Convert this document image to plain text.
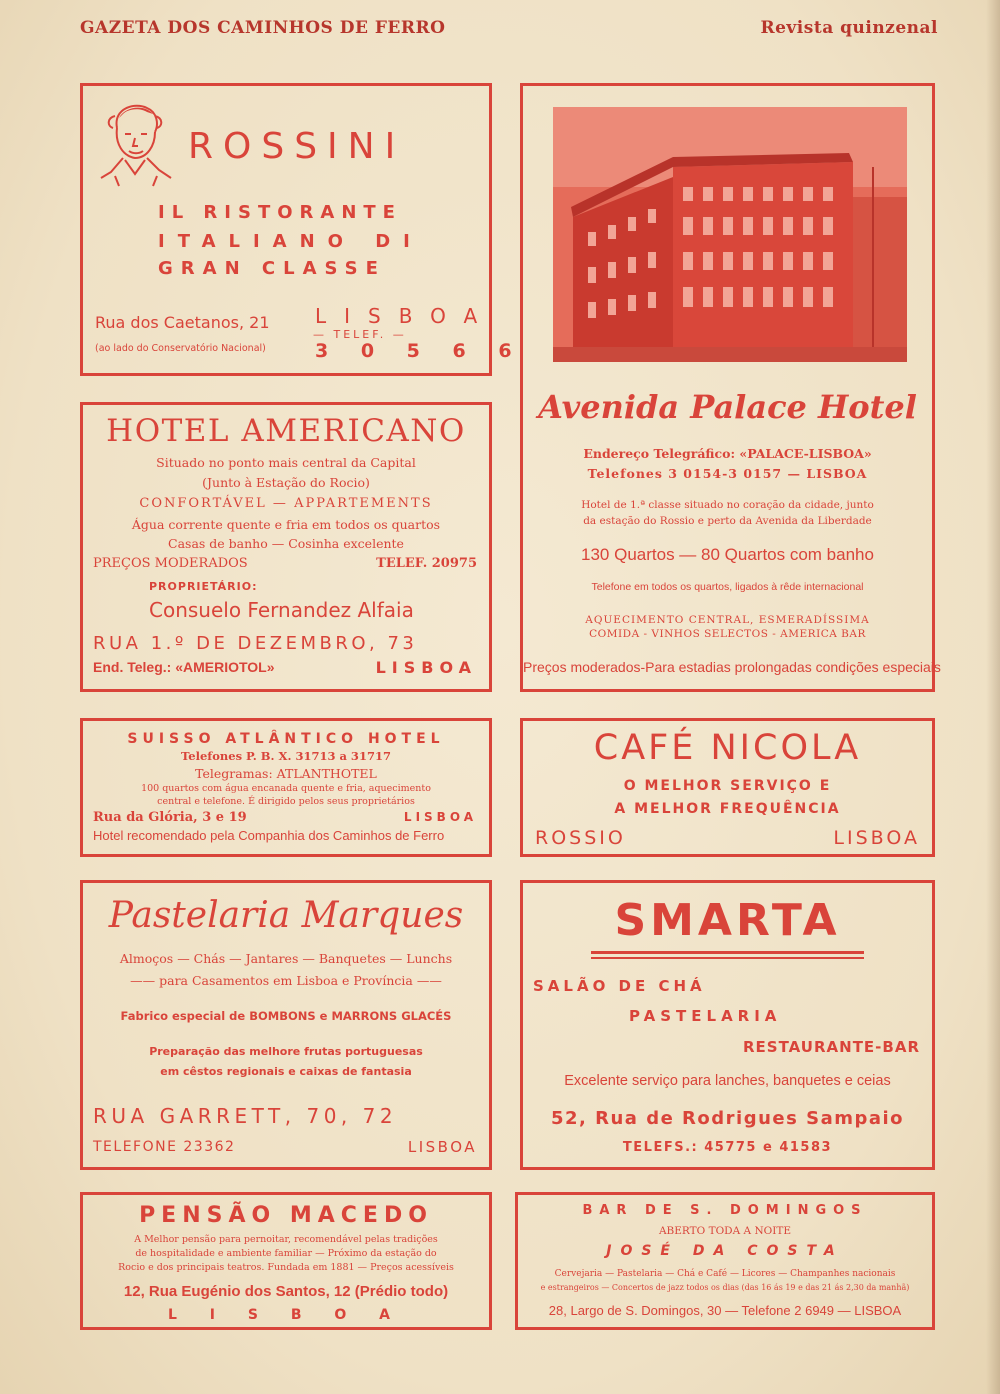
GAZETA DOS CAMINHOS DE FERRO	Revista quinzenal
ROSSINI
IL RISTORANTE
ITALIANO DI
GRAN CLASSE
Rua dos Caetanos, 21
(ao lado do Conservatório Nacional)
LISBOA
— TELEF. —
3 0 5 6 6
Avenida Palace Hotel
Endereço Telegráfico: «PALACE-LISBOA»
Telefones 3 0154-3 0157 — LISBOA
Hotel de 1.ª classe situado no coração da cidade, junto
da estação do Rossio e perto da Avenida da Liberdade
130 Quartos — 80 Quartos com banho
Telefone em todos os quartos, ligados à rêde internacional
AQUECIMENTO CENTRAL, ESMERADÍSSIMA
COMIDA - VINHOS SELECTOS - AMERICA BAR
Preços moderados-Para estadias prolongadas condições especiais
HOTEL AMERICANO
Situado no ponto mais central da Capital
(Junto à Estação do Rocio)
CONFORTÁVEL — APPARTEMENTS
Água corrente quente e fria em todos os quartos
Casas de banho — Cosinha excelente
PREÇOS MODERADOS	TELEF. 20975
PROPRIETÁRIO:
Consuelo Fernandez Alfaia
RUA 1.º DE DEZEMBRO, 73
End. Teleg.: «AMERIOTOL»	LISBOA
SUISSO ATLÂNTICO HOTEL
Telefones P. B. X. 31713 a 31717
Telegramas: ATLANTHOTEL
100 quartos com água encanada quente e fria, aquecimento
central e telefone. É dirigido pelos seus proprietários
Rua da Glória, 3 e 19	LISBOA
Hotel recomendado pela Companhia dos Caminhos de Ferro
CAFÉ NICOLA
O MELHOR SERVIÇO E
A MELHOR FREQUÊNCIA
ROSSIO	LISBOA
Pastelaria Marques
Almoços — Chás — Jantares — Banquetes — Lunchs
—— para Casamentos em Lisboa e Província ——
Fabrico especial de BOMBONS e MARRONS GLACÉS
Preparação das melhore frutas portuguesas
em cêstos regionais e caixas de fantasia
RUA GARRETT, 70, 72
TELEFONE 23362	LISBOA
SMARTA
SALÃO DE CHÁ
PASTELARIA
RESTAURANTE-BAR
Excelente serviço para lanches, banquetes e ceias
52, Rua de Rodrigues Sampaio
TELEFS.: 45775 e 41583
PENSÃO MACEDO
A Melhor pensão para pernoitar, recomendável pelas tradições
de hospitalidade e ambiente familiar — Próximo da estação do
Rocio e dos principais teatros. Fundada em 1881 — Preços acessíveis
12, Rua Eugénio dos Santos, 12 (Prédio todo)
L I S B O A
BAR DE S. DOMINGOS
ABERTO TODA A NOITE
JOSÉ DA COSTA
Cervejaria — Pastelaria — Chá e Café — Licores — Champanhes nacionais
e estrangeiros — Concertos de jazz todos os dias (das 16 ás 19 e das 21 ás 2,30 da manhã)
28, Largo de S. Domingos, 30 — Telefone 2 6949 — LISBOA
